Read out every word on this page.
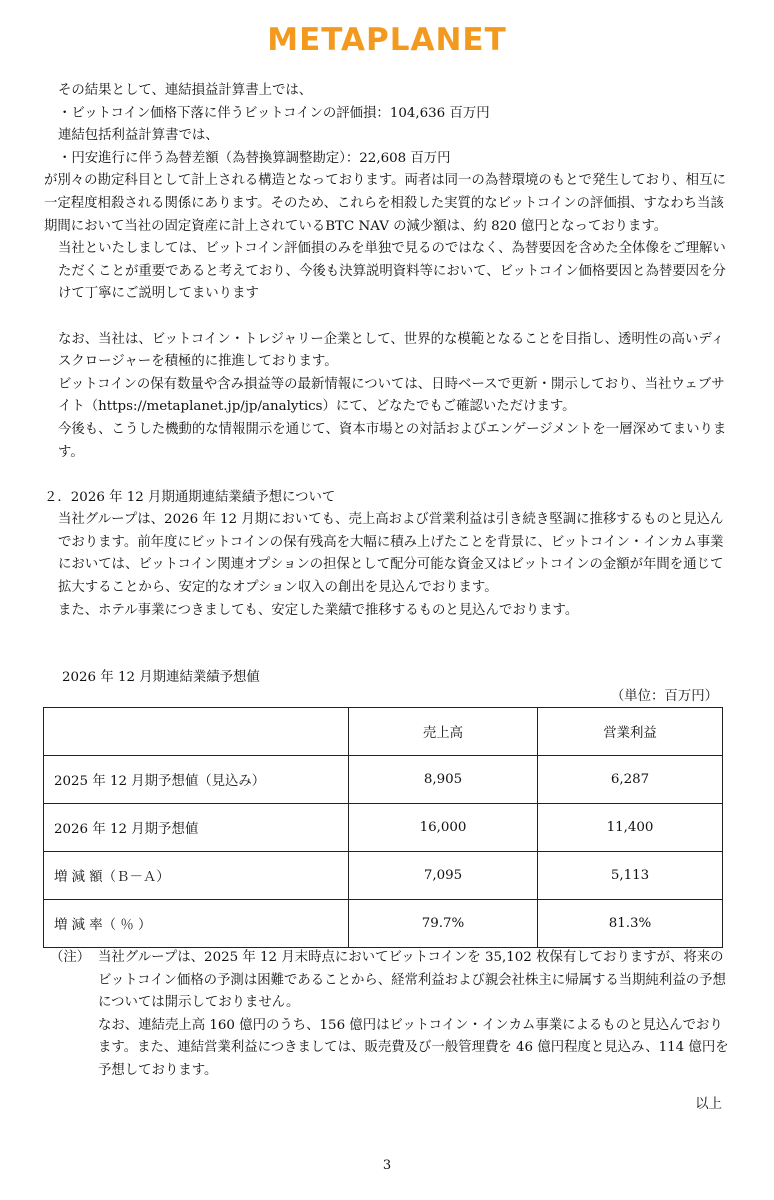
METAPLANET

その結果として、連結損益計算書上では、

・ビットコイン価格下落に伴うビットコインの評価損：104,636 百万円

連結包括利益計算書では、

・円安進行に伴う為替差額（為替換算調整勘定）：22,608 百万円

が別々の勘定科目として計上される構造となっております。両者は同一の為替環境のもとで発生しており、相互に一定程度相殺される関係にあります。そのため、これらを相殺した実質的なビットコインの評価損、すなわち当該期間において当社の固定資産に計上されているBTC NAV の減少額は、約 820 億円となっております。

当社といたしましては、ビットコイン評価損のみを単独で見るのではなく、為替要因を含めた全体像をご理解いただくことが重要であると考えており、今後も決算説明資料等において、ビットコイン価格要因と為替要因を分けて丁寧にご説明してまいります

なお、当社は、ビットコイン・トレジャリー企業として、世界的な模範となることを目指し、透明性の高いディスクロージャーを積極的に推進しております。

ビットコインの保有数量や含み損益等の最新情報については、日時ベースで更新・開示しており、当社ウェブサイト（https://metaplanet.jp/jp/analytics）にて、どなたでもご確認いただけます。

今後も、こうした機動的な情報開示を通じて、資本市場との対話およびエンゲージメントを一層深めてまいります。

２．2026 年 12 月期通期連結業績予想について

当社グループは、2026 年 12 月期においても、売上高および営業利益は引き続き堅調に推移するものと見込んでおります。前年度にビットコインの保有残高を大幅に積み上げたことを背景に、ビットコイン・インカム事業においては、ビットコイン関連オプションの担保として配分可能な資金又はビットコインの金額が年間を通じて拡大することから、安定的なオプション収入の創出を見込んでおります。

また、ホテル事業につきましても、安定した業績で推移するものと見込んでおります。

2026 年 12 月期連結業績予想値
（単位：百万円）
	売上高	営業利益
2025 年 12 月期予想値（見込み）	8,905	6,287
2026 年 12 月期予想値	16,000	11,400
増 減 額（Ｂ－Ａ）	7,095	5,113
増 減 率（ ％ ）	79.7%	81.3%
（注） 当社グループは、2025 年 12 月末時点においてビットコインを 35,102 枚保有しておりますが、将来のビットコイン価格の予測は困難であることから、経常利益および親会社株主に帰属する当期純利益の予想については開示しておりません。

なお、連結売上高 160 億円のうち、156 億円はビットコイン・インカム事業によるものと見込んでおります。また、連結営業利益につきましては、販売費及び一般管理費を 46 億円程度と見込み、114 億円を予想しております。

以上
3
